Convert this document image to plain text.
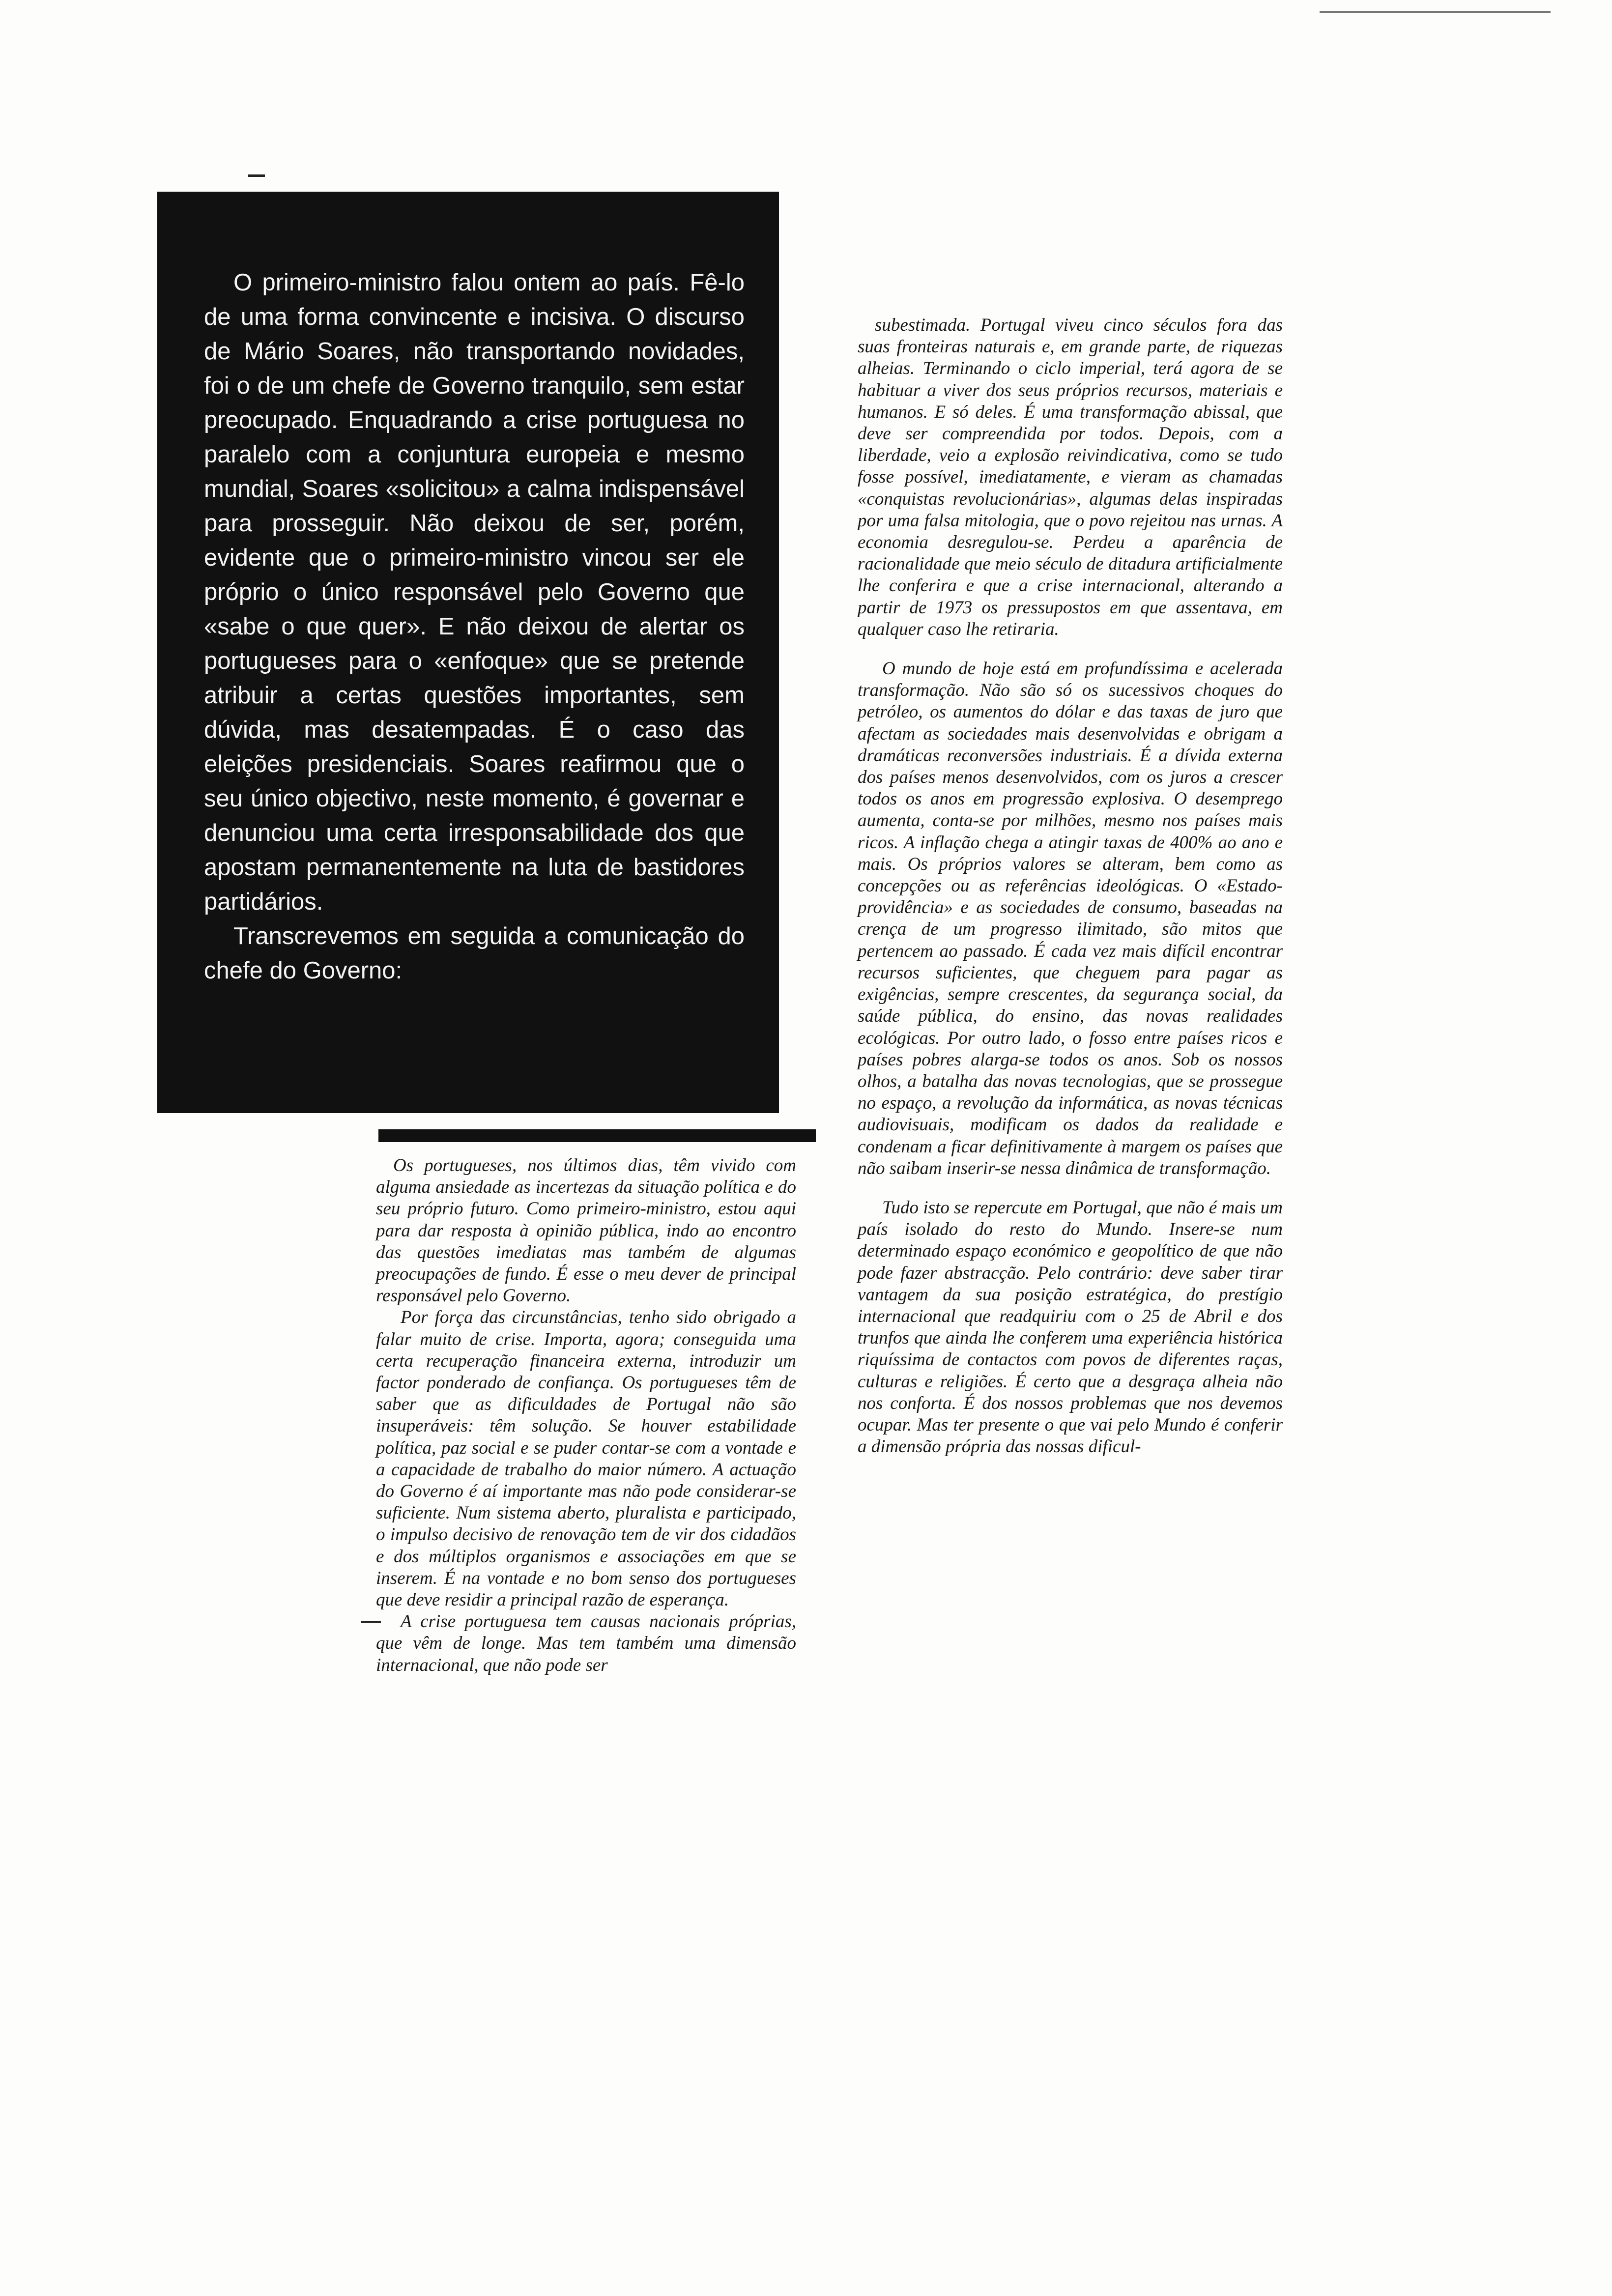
O primeiro-ministro falou ontem ao país. Fê-lo de uma forma convincente e incisiva. O discurso de Mário Soares, não transportando novidades, foi o de um chefe de Governo tranquilo, sem estar preocupado. Enquadrando a crise portuguesa no paralelo com a conjuntura europeia e mesmo mundial, Soares «solicitou» a calma indispensável para prosseguir. Não deixou de ser, porém, evidente que o primeiro-ministro vincou ser ele próprio o único responsável pelo Governo que «sabe o que quer». E não deixou de alertar os portugueses para o «enfoque» que se pretende atribuir a certas questões importantes, sem dúvida, mas desatempadas. É o caso das eleições presidenciais. Soares reafirmou que o seu único objectivo, neste momento, é governar e denunciou uma certa irresponsabilidade dos que apostam permanentemente na luta de bastidores partidários.

Transcrevemos em seguida a comunicação do chefe do Governo:

Os portugueses, nos últimos dias, têm vivido com alguma ansiedade as incertezas da situação política e do seu próprio futuro. Como primeiro-ministro, estou aqui para dar resposta à opinião pública, indo ao encontro das questões imediatas mas também de algumas preocupações de fundo. É esse o meu dever de principal responsável pelo Governo.

Por força das circunstâncias, tenho sido obrigado a falar muito de crise. Importa, agora; conseguida uma certa recuperação financeira externa, introduzir um factor ponderado de confiança. Os portugueses têm de saber que as dificuldades de Portugal não são insuperáveis: têm solução. Se houver estabilidade política, paz social e se puder contar-se com a vontade e a capacidade de trabalho do maior número. A actuação do Governo é aí importante mas não pode considerar-se suficiente. Num sistema aberto, pluralista e participado, o impulso decisivo de renovação tem de vir dos cidadãos e dos múltiplos organismos e associações em que se inserem. É na vontade e no bom senso dos portugueses que deve residir a principal razão de esperança.

A crise portuguesa tem causas nacionais próprias, que vêm de longe. Mas tem também uma dimensão internacional, que não pode ser

subestimada. Portugal viveu cinco séculos fora das suas fronteiras naturais e, em grande parte, de riquezas alheias. Terminando o ciclo imperial, terá agora de se habituar a viver dos seus próprios recursos, materiais e humanos. E só deles. É uma transformação abissal, que deve ser compreendida por todos. Depois, com a liberdade, veio a explosão reivindicativa, como se tudo fosse possível, imediatamente, e vieram as chamadas «conquistas revolucionárias», algumas delas inspiradas por uma falsa mitologia, que o povo rejeitou nas urnas. A economia desregulou-se. Perdeu a aparência de racionalidade que meio século de ditadura artificialmente lhe conferira e que a crise internacional, alterando a partir de 1973 os pressupostos em que assentava, em qualquer caso lhe retiraria.

O mundo de hoje está em profundíssima e acelerada transformação. Não são só os sucessivos choques do petróleo, os aumentos do dólar e das taxas de juro que afectam as sociedades mais desenvolvidas e obrigam a dramáticas reconversões industriais. É a dívida externa dos países menos desenvolvidos, com os juros a crescer todos os anos em progressão explosiva. O desemprego aumenta, conta-se por milhões, mesmo nos países mais ricos. A inflação chega a atingir taxas de 400% ao ano e mais. Os próprios valores se alteram, bem como as concepções ou as referências ideológicas. O «Estado-providência» e as sociedades de consumo, baseadas na crença de um progresso ilimitado, são mitos que pertencem ao passado. É cada vez mais difícil encontrar recursos suficientes, que cheguem para pagar as exigências, sempre crescentes, da segurança social, da saúde pública, do ensino, das novas realidades ecológicas. Por outro lado, o fosso entre países ricos e países pobres alarga-se todos os anos. Sob os nossos olhos, a batalha das novas tecnologias, que se prossegue no espaço, a revolução da informática, as novas técnicas audiovisuais, modificam os dados da realidade e condenam a ficar definitivamente à margem os países que não saibam inserir-se nessa dinâmica de transformação.

Tudo isto se repercute em Portugal, que não é mais um país isolado do resto do Mundo. Insere-se num determinado espaço económico e geopolítico de que não pode fazer abstracção. Pelo contrário: deve saber tirar vantagem da sua posição estratégica, do prestígio internacional que readquiriu com o 25 de Abril e dos trunfos que ainda lhe conferem uma experiência histórica riquíssima de contactos com povos de diferentes raças, culturas e religiões. É certo que a desgraça alheia não nos conforta. É dos nossos problemas que nos devemos ocupar. Mas ter presente o que vai pelo Mundo é conferir a dimensão própria das nossas dificul-
